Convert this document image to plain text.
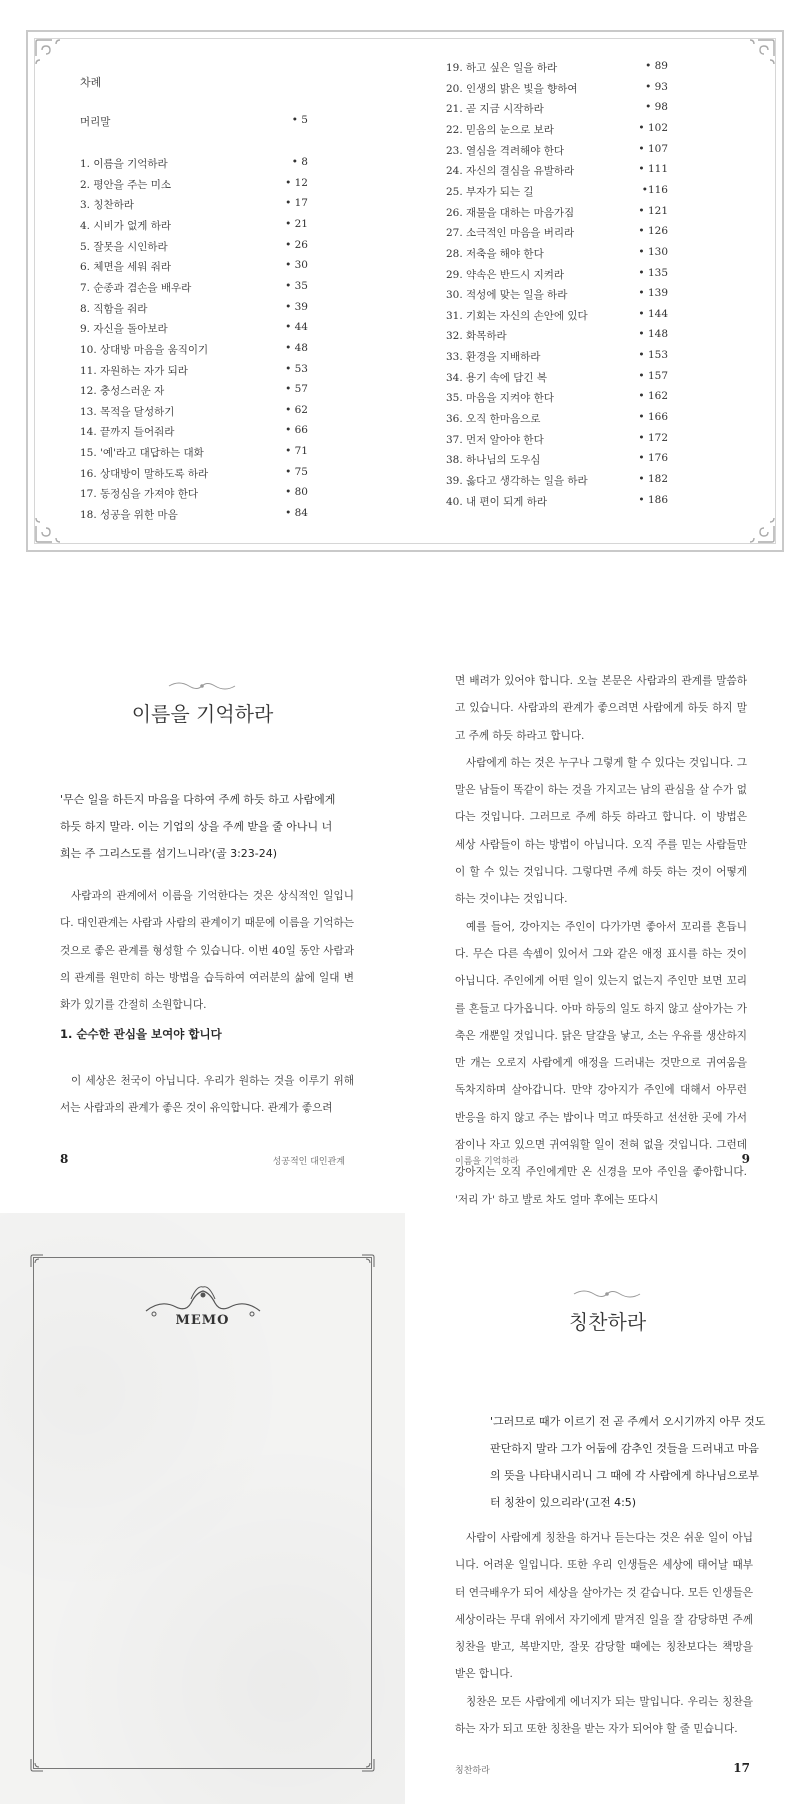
차례
머리말	• 5
1. 이름을 기억하라	• 8
2. 평안을 주는 미소	• 12
3. 칭찬하라	• 17
4. 시비가 없게 하라	• 21
5. 잘못을 시인하라	• 26
6. 체면을 세워 줘라	• 30
7. 순종과 겸손을 배우라	• 35
8. 직함을 줘라	• 39
9. 자신을 돌아보라	• 44
10. 상대방 마음을 움직이기	• 48
11. 자원하는 자가 되라	• 53
12. 충성스러운 자	• 57
13. 목적을 달성하기	• 62
14. 끝까지 들어줘라	• 66
15. '예'라고 대답하는 대화	• 71
16. 상대방이 말하도록 하라	• 75
17. 동정심을 가져야 한다	• 80
18. 성공을 위한 마음	• 84
19. 하고 싶은 일을 하라	• 89
20. 인생의 밝은 빛을 향하여	• 93
21. 곧 지금 시작하라	• 98
22. 믿음의 눈으로 보라	• 102
23. 열심을 격려해야 한다	• 107
24. 자신의 결심을 유발하라	• 111
25. 부자가 되는 길	•116
26. 재물을 대하는 마음가짐	• 121
27. 소극적인 마음을 버리라	• 126
28. 저축을 해야 한다	• 130
29. 약속은 반드시 지켜라	• 135
30. 적성에 맞는 일을 하라	• 139
31. 기회는 자신의 손안에 있다	• 144
32. 화목하라	• 148
33. 환경을 지배하라	• 153
34. 용기 속에 담긴 복	• 157
35. 마음을 지켜야 한다	• 162
36. 오직 한마음으로	• 166
37. 먼저 알아야 한다	• 172
38. 하나님의 도우심	• 176
39. 옳다고 생각하는 일을 하라	• 182
40. 내 편이 되게 하라	• 186
이름을 기억하라
'무슨 일을 하든지 마음을 다하여 주께 하듯 하고 사람에게
하듯 하지 말라. 이는 기업의 상을 주께 받을 줄 아나니 너
희는 주 그리스도를 섬기느니라'(골 3:23-24)

사람과의 관계에서 이름을 기억한다는 것은 상식적인 일입니다. 대인관계는 사람과 사람의 관계이기 때문에 이름을 기억하는 것으로 좋은 관계를 형성할 수 있습니다. 이번 40일 동안 사람과의 관계를 원만히 하는 방법을 습득하여 여러분의 삶에 일대 변화가 있기를 간절히 소원합니다.

1. 순수한 관심을 보여야 합니다

이 세상은 천국이 아닙니다. 우리가 원하는 것을 이루기 위해서는 사람과의 관계가 좋은 것이 유익합니다. 관계가 좋으려

8	성공적인 대인관계

면 배려가 있어야 합니다. 오늘 본문은 사람과의 관계를 말씀하고 있습니다. 사람과의 관계가 좋으려면 사람에게 하듯 하지 말고 주께 하듯 하라고 합니다.

사람에게 하는 것은 누구나 그렇게 할 수 있다는 것입니다. 그 말은 남들이 똑같이 하는 것을 가지고는 남의 관심을 살 수가 없다는 것입니다. 그러므로 주께 하듯 하라고 합니다. 이 방법은 세상 사람들이 하는 방법이 아닙니다. 오직 주를 믿는 사람들만이 할 수 있는 것입니다. 그렇다면 주께 하듯 하는 것이 어떻게 하는 것이냐는 것입니다.

예를 들어, 강아지는 주인이 다가가면 좋아서 꼬리를 흔듭니다. 무슨 다른 속셈이 있어서 그와 같은 애정 표시를 하는 것이 아닙니다. 주인에게 어떤 일이 있는지 없는지 주인만 보면 꼬리를 흔들고 다가옵니다. 아마 하등의 일도 하지 않고 살아가는 가축은 개뿐일 것입니다. 닭은 달걀을 낳고, 소는 우유를 생산하지만 개는 오로지 사람에게 애정을 드러내는 것만으로 귀여움을 독차지하며 살아갑니다. 만약 강아지가 주인에 대해서 아무런 반응을 하지 않고 주는 밥이나 먹고 따뜻하고 선선한 곳에 가서 잠이나 자고 있으면 귀여워할 일이 전혀 없을 것입니다. 그런데 강아지는 오직 주인에게만 온 신경을 모아 주인을 좋아합니다. '저리 가' 하고 발로 차도 얼마 후에는 또다시

이름을 기억하라	9
MEMO	칭찬하라
'그러므로 때가 이르기 전 곧 주께서 오시기까지 아무 것도
판단하지 말라 그가 어둠에 감추인 것들을 드러내고 마음
의 뜻을 나타내시리니 그 때에 각 사람에게 하나님으로부
터 칭찬이 있으리라'(고전 4:5)

사람이 사람에게 칭찬을 하거나 듣는다는 것은 쉬운 일이 아닙니다. 어려운 일입니다. 또한 우리 인생들은 세상에 태어날 때부터 연극배우가 되어 세상을 살아가는 것 같습니다. 모든 인생들은 세상이라는 무대 위에서 자기에게 맡겨진 일을 잘 감당하면 주께 칭찬을 받고, 복받지만, 잘못 감당할 때에는 칭찬보다는 책망을 받은 합니다.

칭찬은 모든 사람에게 에너지가 되는 말입니다. 우리는 칭찬을 하는 자가 되고 또한 칭찬을 받는 자가 되어야 할 줄 믿습니다.

칭찬하라	17
